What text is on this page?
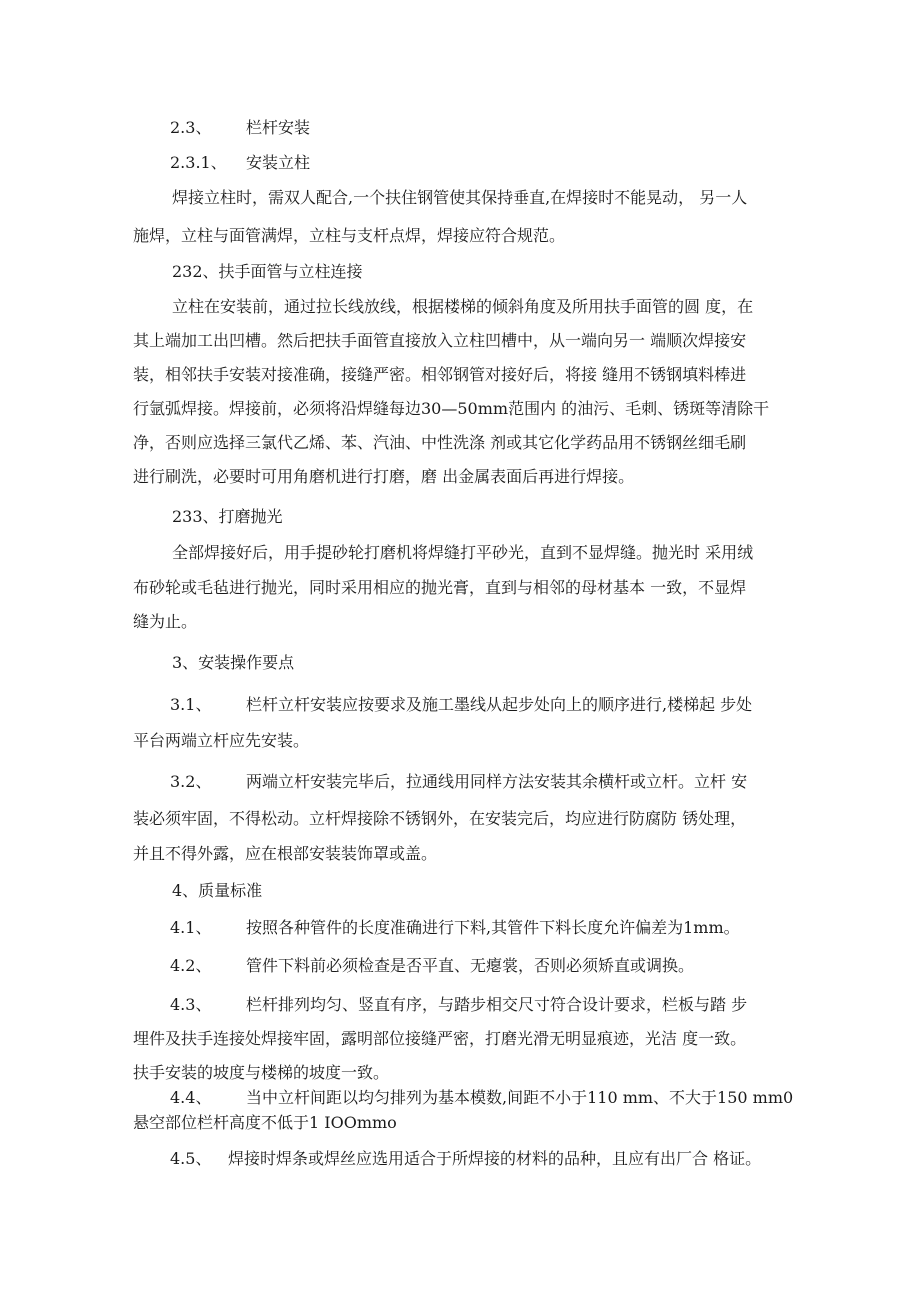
2.3、 栏杆安装

2.3.1、 安装立柱

焊接立柱时，需双人配合,一个扶住钢管使其保持垂直,在焊接时不能晃动， 另一人

施焊，立柱与面管满焊，立柱与支杆点焊，焊接应符合规范。

232、扶手面管与立柱连接

立柱在安装前，通过拉长线放线，根据楼梯的倾斜角度及所用扶手面管的圆 度，在

其上端加工出凹槽。然后把扶手面管直接放入立柱凹槽中，从一端向另一 端顺次焊接安

装，相邻扶手安装对接准确，接缝严密。相邻钢管对接好后，将接 缝用不锈钢填料棒进

行氩弧焊接。焊接前，必须将沿焊缝每边30—50mm范围内 的油污、毛刺、锈斑等清除干

净，否则应选择三氯代乙烯、苯、汽油、中性洗涤 剂或其它化学药品用不锈钢丝细毛刷

进行刷洗，必要时可用角磨机进行打磨，磨 出金属表面后再进行焊接。

233、打磨抛光

全部焊接好后，用手提砂轮打磨机将焊缝打平砂光，直到不显焊缝。抛光时 采用绒

布砂轮或毛毡进行抛光，同时采用相应的抛光膏，直到与相邻的母材基本 一致，不显焊

缝为止。

3、安装操作要点

3.1、 栏杆立杆安装应按要求及施工墨线从起步处向上的顺序进行,楼梯起 步处

平台两端立杆应先安装。

3.2、 两端立杆安装完毕后，拉通线用同样方法安装其余横杆或立杆。立杆 安

装必须牢固，不得松动。立杆焊接除不锈钢外，在安装完后，均应进行防腐防 锈处理，

并且不得外露，应在根部安装装饰罩或盖。

4、质量标准

4.1、 按照各种管件的长度准确进行下料,其管件下料长度允许偏差为1mm。

4.2、 管件下料前必须检查是否平直、无瘪裳，否则必须矫直或调换。

4.3、 栏杆排列均匀、竖直有序，与踏步相交尺寸符合设计要求，栏板与踏 步

埋件及扶手连接处焊接牢固，露明部位接缝严密，打磨光滑无明显痕迹，光洁 度一致。

扶手安装的坡度与楼梯的坡度一致。

4.4、 当中立杆间距以均匀排列为基本模数,间距不小于110 mm、不大于150 mm0

悬空部位栏杆高度不低于1 IOOmmo

4.5、 焊接时焊条或焊丝应选用适合于所焊接的材料的品种，且应有出厂合 格证。
